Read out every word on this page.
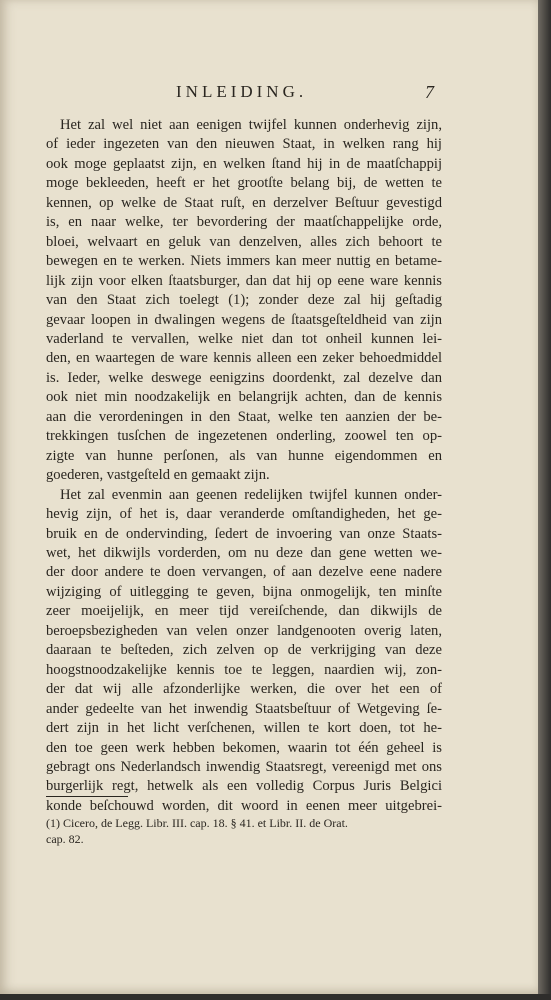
INLEIDING.	7
Het zal wel niet aan eenigen twijfel kunnen onderhevig zijn,
of ieder ingezeten van den nieuwen Staat, in welken rang hij
ook moge geplaatst zijn, en welken ſtand hij in de maatſchappij
moge bekleeden, heeft er het grootſte belang bij, de wetten te
kennen, op welke de Staat ruſt, en derzelver Beſtuur gevestigd
is, en naar welke, ter bevordering der maatſchappelijke orde,
bloei, welvaart en geluk van denzelven, alles zich behoort te
bewegen en te werken. Niets immers kan meer nuttig en betame-
lijk zijn voor elken ſtaatsburger, dan dat hij op eene ware kennis
van den Staat zich toelegt (1); zonder deze zal hij geſtadig
gevaar loopen in dwalingen wegens de ſtaatsgeſteldheid van zijn
vaderland te vervallen, welke niet dan tot onheil kunnen lei-
den, en waartegen de ware kennis alleen een zeker behoedmiddel
is. Ieder, welke deswege eenigzins doordenkt, zal dezelve dan
ook niet min noodzakelijk en belangrijk achten, dan de kennis
aan die verordeningen in den Staat, welke ten aanzien der be-
trekkingen tusſchen de ingezetenen onderling, zoowel ten op-
zigte van hunne perſonen, als van hunne eigendommen en
goederen, vastgeſteld en gemaakt zijn.
Het zal evenmin aan geenen redelijken twijfel kunnen onder-
hevig zijn, of het is, daar veranderde omſtandigheden, het ge-
bruik en de ondervinding, ſedert de invoering van onze Staats-
wet, het dikwijls vorderden, om nu deze dan gene wetten we-
der door andere te doen vervangen, of aan dezelve eene nadere
wijziging of uitlegging te geven, bijna onmogelijk, ten minſte
zeer moeijelijk, en meer tijd vereiſchende, dan dikwijls de
beroepsbezigheden van velen onzer landgenooten overig laten,
daaraan te beſteden, zich zelven op de verkrijging van deze
hoogstnoodzakelijke kennis toe te leggen, naardien wij, zon-
der dat wij alle afzonderlijke werken, die over het een of
ander gedeelte van het inwendig Staatsbeſtuur of Wetgeving ſe-
dert zijn in het licht verſchenen, willen te kort doen, tot he-
den toe geen werk hebben bekomen, waarin tot één geheel is
gebragt ons Nederlandsch inwendig Staatsregt, vereenigd met ons
burgerlijk regt, hetwelk als een volledig Corpus Juris Belgici
konde beſchouwd worden, dit woord in eenen meer uitgebrei-
(1) Cicero, de Legg. Libr. III. cap. 18. § 41. et Libr. II. de Orat.
cap. 82.
